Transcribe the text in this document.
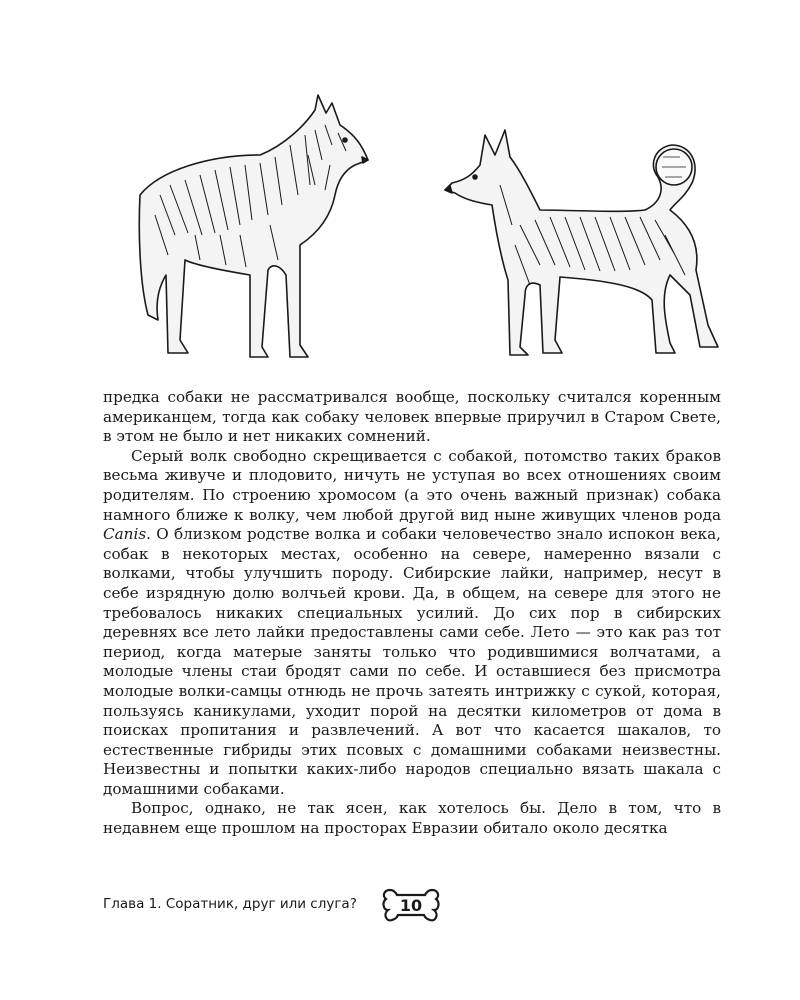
предка собаки не рассматривался вообще, поскольку считался коренным американцем, тогда как собаку человек впервые приручил в Старом Свете, в этом не было и нет никаких сомнений.

Серый волк свободно скрещивается с собакой, потомство таких браков весьма живуче и плодовито, ничуть не уступая во всех отношениях своим родителям. По строению хромосом (а это очень важный признак) собака намного ближе к волку, чем любой другой вид ныне живущих членов рода Canis. О близком родстве волка и собаки человечество знало испокон века, собак в некоторых местах, особенно на севере, намеренно вязали с волками, чтобы улучшить породу. Сибирские лайки, например, несут в себе изрядную долю волчьей крови. Да, в общем, на севере для этого не требовалось никаких специальных усилий. До сих пор в сибирских деревнях все лето лайки предоставлены сами себе. Лето — это как раз тот период, когда матерые заняты только что родившимися волчатами, а молодые члены стаи бродят сами по себе. И оставшиеся без присмотра молодые волки-самцы отнюдь не прочь затеять интрижку с сукой, которая, пользуясь каникулами, уходит порой на десятки километров от дома в поисках пропитания и развлечений. А вот что касается шакалов, то естественные гибриды этих псовых с домашними собаками неизвестны. Неизвестны и попытки каких-либо народов специально вязать шакала с домашними собаками.

Вопрос, однако, не так ясен, как хотелось бы. Дело в том, что в недавнем еще прошлом на просторах Евразии обитало около десятка

Глава 1. Соратник, друг или слуга?	10
